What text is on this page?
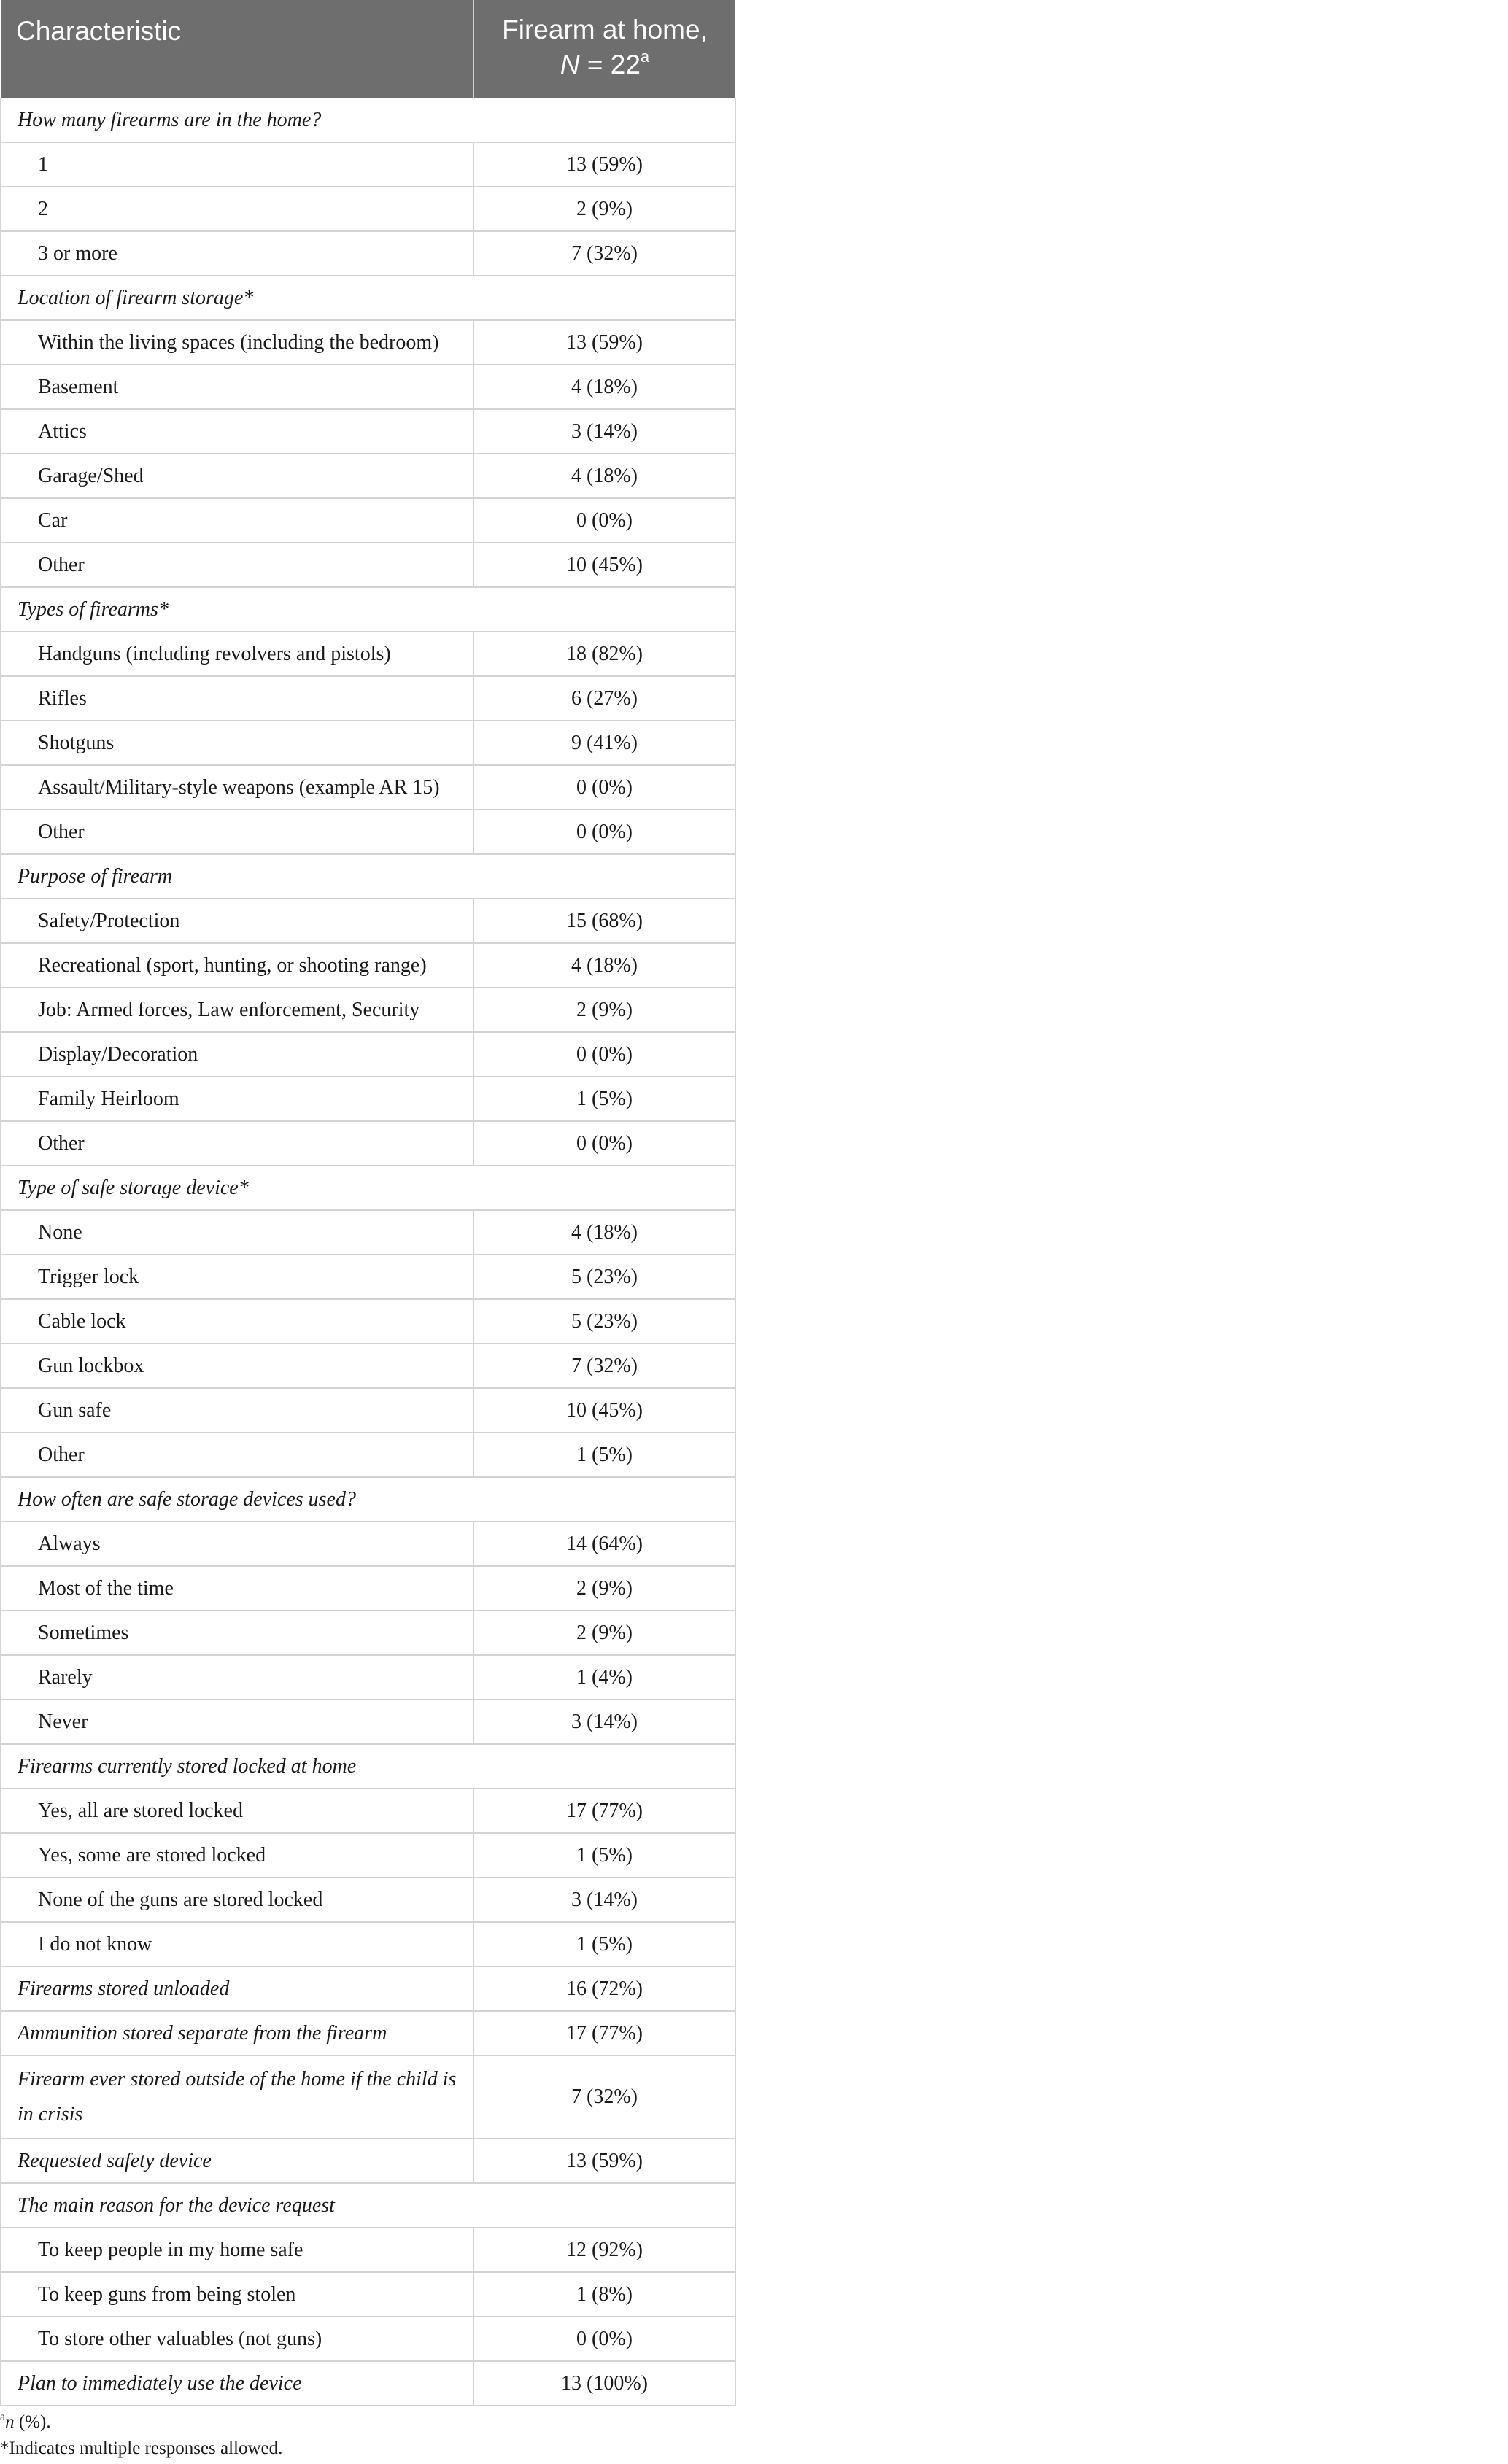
Characteristic	Firearm at home,
$N = 22^a$
How many firearms are in the home?	
1	13 (59%)
2	2 (9%)
3 or more	7 (32%)
Location of firearm storage*	
Within the living spaces (including the bedroom)	13 (59%)
Basement	4 (18%)
Attics	3 (14%)
Garage/Shed	4 (18%)
Car	0 (0%)
Other	10 (45%)
Types of firearms*	
Handguns (including revolvers and pistols)	18 (82%)
Rifles	6 (27%)
Shotguns	9 (41%)
Assault/Military-style weapons (example AR 15)	0 (0%)
Other	0 (0%)
Purpose of firearm	
Safety/Protection	15 (68%)
Recreational (sport, hunting, or shooting range)	4 (18%)
Job: Armed forces, Law enforcement, Security	2 (9%)
Display/Decoration	0 (0%)
Family Heirloom	1 (5%)
Other	0 (0%)
Type of safe storage device*	
None	4 (18%)
Trigger lock	5 (23%)
Cable lock	5 (23%)
Gun lockbox	7 (32%)
Gun safe	10 (45%)
Other	1 (5%)
How often are safe storage devices used?	
Always	14 (64%)
Most of the time	2 (9%)
Sometimes	2 (9%)
Rarely	1 (4%)
Never	3 (14%)
Firearms currently stored locked at home	
Yes, all are stored locked	17 (77%)
Yes, some are stored locked	1 (5%)
None of the guns are stored locked	3 (14%)
I do not know	1 (5%)
Firearms stored unloaded	16 (72%)
Ammunition stored separate from the firearm	17 (77%)
Firearm ever stored outside of the home if the child is in crisis	7 (32%)
Requested safety device	13 (59%)
The main reason for the device request	
To keep people in my home safe	12 (92%)
To keep guns from being stolen	1 (8%)
To store other valuables (not guns)	0 (0%)
Plan to immediately use the device	13 (100%)
$^a$n (%).
*Indicates multiple responses allowed.
